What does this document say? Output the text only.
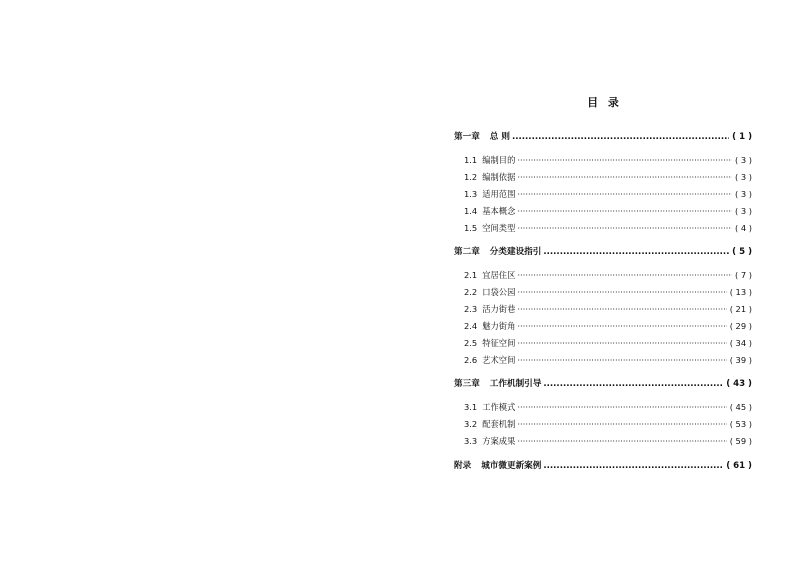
目 录
第一章 总 则 .....	( 1 )
1.1 编制目的 ·····	( 3 )
1.2 编制依据 ·····	( 3 )
1.3 适用范围 ·····	( 3 )
1.4 基本概念 ·····	( 3 )
1.5 空间类型 ·····	( 4 )
第二章 分类建设指引 .....	( 5 )
2.1 宜居住区 ·····	( 7 )
2.2 口袋公园 ·····	( 13 )
2.3 活力街巷 ·····	( 21 )
2.4 魅力街角 ·····	( 29 )
2.5 特征空间 ·····	( 34 )
2.6 艺术空间 ·····	( 39 )
第三章 工作机制引导 .....	( 43 )
3.1 工作模式 ·····	( 45 )
3.2 配套机制 ·····	( 53 )
3.3 方案成果 ·····	( 59 )
附录 城市微更新案例 .....	( 61 )
